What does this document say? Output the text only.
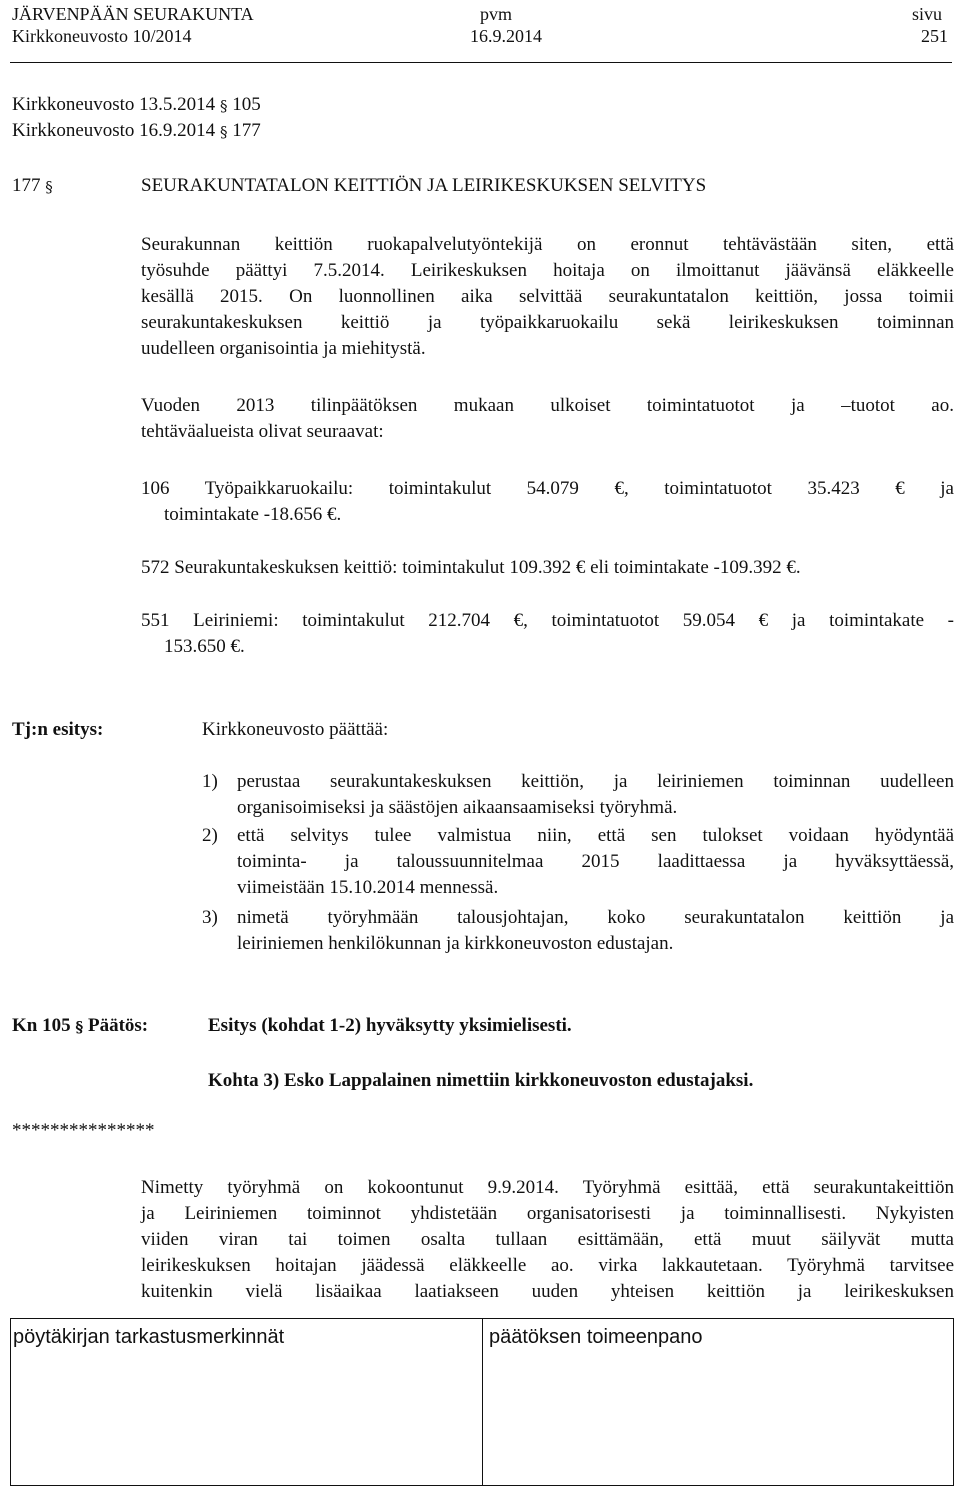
JÄRVENPÄÄN SEURAKUNTA
Kirkkoneuvosto 10/2014
pvm
16.9.2014
sivu
251
Kirkkoneuvosto 13.5.2014 § 105
Kirkkoneuvosto 16.9.2014 § 177
177 §	SEURAKUNTATALON KEITTIÖN JA LEIRIKESKUKSEN SELVITYS
Seurakunnan keittiön ruokapalvelutyöntekijä on eronnut tehtävästään siten, että
työsuhde päättyi 7.5.2014. Leirikeskuksen hoitaja on ilmoittanut jäävänsä eläkkeelle
kesällä 2015. On luonnollinen aika selvittää seurakuntatalon keittiön, jossa toimii
seurakuntakeskuksen keittiö ja työpaikkaruokailu sekä leirikeskuksen toiminnan
uudelleen organisointia ja miehitystä.
Vuoden 2013 tilinpäätöksen mukaan ulkoiset toimintatuotot ja –tuotot ao.
tehtäväalueista olivat seuraavat:
106 Työpaikkaruokailu: toimintakulut 54.079 €, toimintatuotot 35.423 € ja
toimintakate -18.656 €.
572 Seurakuntakeskuksen keittiö: toimintakulut 109.392 € eli toimintakate -109.392 €.
551 Leiriniemi: toimintakulut 212.704 €, toimintatuotot 59.054 € ja toimintakate -
153.650 €.
Tj:n esitys:	Kirkkoneuvosto päättää:
1) perustaa seurakuntakeskuksen keittiön, ja leiriniemen toiminnan uudelleen
organisoimiseksi ja säästöjen aikaansaamiseksi työryhmä.
2) että selvitys tulee valmistua niin, että sen tulokset voidaan hyödyntää
toiminta- ja taloussuunnitelmaa 2015 laadittaessa ja hyväksyttäessä,
viimeistään 15.10.2014 mennessä.
3) nimetä työryhmään talousjohtajan, koko seurakuntatalon keittiön ja
leiriniemen henkilökunnan ja kirkkoneuvoston edustajan.
Kn 105 § Päätös:	Esitys (kohdat 1-2) hyväksytty yksimielisesti.
Kohta 3) Esko Lappalainen nimettiin kirkkoneuvoston edustajaksi.
***************
Nimetty työryhmä on kokoontunut 9.9.2014. Työryhmä esittää, että seurakuntakeittiön
ja Leiriniemen toiminnot yhdistetään organisatorisesti ja toiminnallisesti. Nykyisten
viiden viran tai toimen osalta tullaan esittämään, että muut säilyvät mutta
leirikeskuksen hoitajan jäädessä eläkkeelle ao. virka lakkautetaan. Työryhmä tarvitsee
kuitenkin vielä lisäaikaa laatiakseen uuden yhteisen keittiön ja leirikeskuksen
pöytäkirjan tarkastusmerkinnät	päätöksen toimeenpano
